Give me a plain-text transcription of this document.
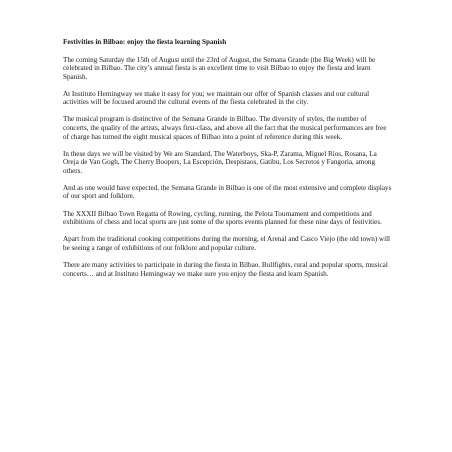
Festivities in Bilbao: enjoy the fiesta learning Spanish

The coming Saturday the 15th of August until the 23rd of August, the Semana Grande (the Big Week) will be celebrated in Bilbao. The city’s annual fiesta is an excellent time to visit Bilbao to enjoy the fiesta and learn Spanish.

At Instituto Hemingway we make it easy for you; we maintain our offer of Spanish classes and our cultural activities will be focused around the cultural events of the fiesta celebrated in the city.

The musical program is distinctive of the Semana Grande in Bilbao. The diversity of styles, the number of concerts, the quality of the artists, always first-class, and above all the fact that the musical performances are free of charge has turned the eight musical spaces of Bilbao into a point of reference during this week.

In these days we will be visited by We are Standard, The Waterboys, Ska-P, Zarama, Miguel Ríos, Rosana, La Oreja de Van Gogh, The Cherry Boopers, La Escepción, Despistaos, Gatibu, Los Secretos y Fangoria, among others.

And as one would have expected, the Semana Grande in Bilbao is one of the most extensive and complete displays of our sport and folklore.

The XXXII Bilbao Town Regatta of Rowing, cycling, running, the Pelota Tournament and competitions and exhibitions of chess and local sports are just some of the sports events planned for these nine days of festivities.

Apart from the traditional cooking competitions during the morning, el Arenal and Casco Viejo (the old town) will be seeing a range of exhibitions of our folklore and popular culture.

There are many activities to participate in during the fiesta in Bilbao. Bullfights, rural and popular sports, musical concerts… and at Instituto Hemingway we make sure you enjoy the fiesta and learn Spanish.
